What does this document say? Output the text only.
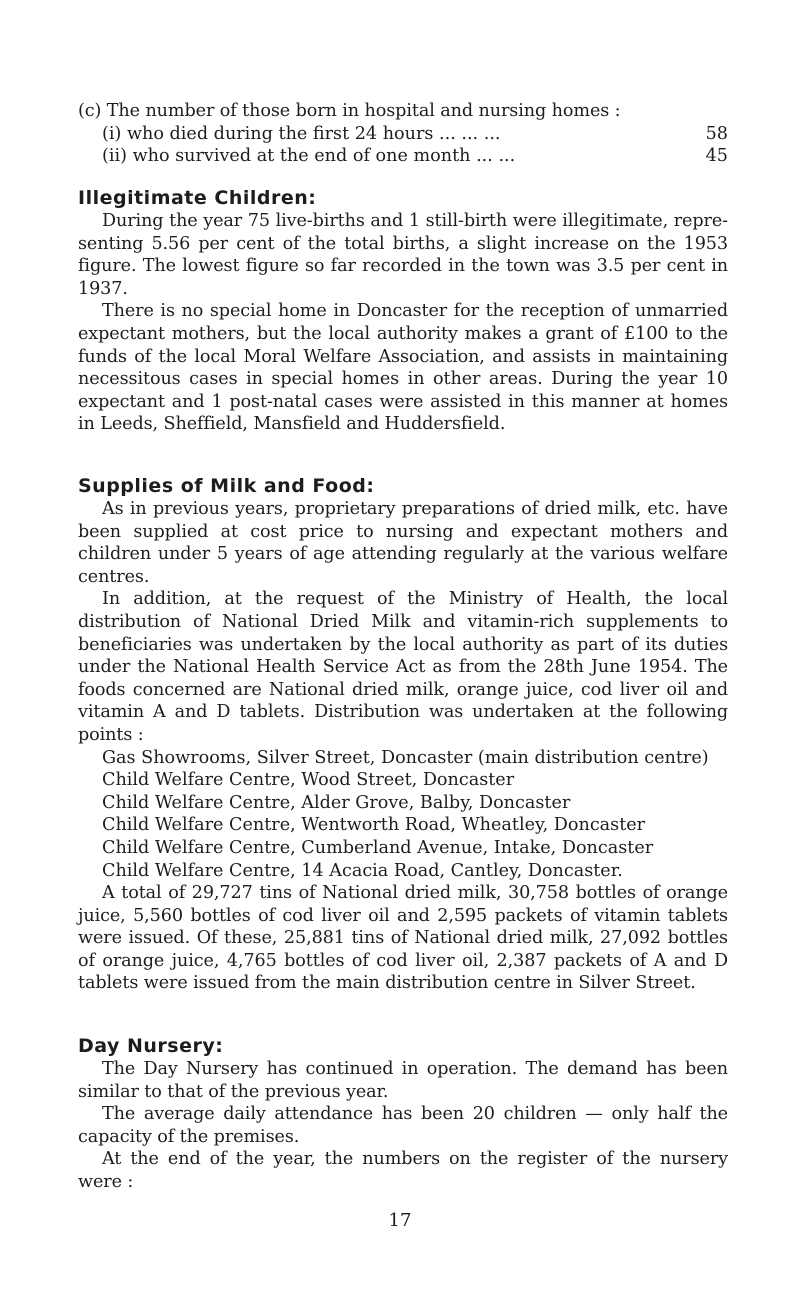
(c) The number of those born in hospital and nursing homes :

(i) who died during the first 24 hours ... ... ...	58
(ii) who survived at the end of one month ... ...	45
Illegitimate Children:

During the year 75 live-births and 1 still-birth were illegitimate, repre-senting 5.56 per cent of the total births, a slight increase on the 1953 figure. The lowest figure so far recorded in the town was 3.5 per cent in 1937.

There is no special home in Doncaster for the reception of unmarried expectant mothers, but the local authority makes a grant of £100 to the funds of the local Moral Welfare Association, and assists in maintaining necessitous cases in special homes in other areas. During the year 10 expectant and 1 post-natal cases were assisted in this manner at homes in Leeds, Sheffield, Mansfield and Huddersfield.

Supplies of Milk and Food:

As in previous years, proprietary preparations of dried milk, etc. have been supplied at cost price to nursing and expectant mothers and children under 5 years of age attending regularly at the various welfare centres.

In addition, at the request of the Ministry of Health, the local distribution of National Dried Milk and vitamin-rich supplements to beneficiaries was undertaken by the local authority as part of its duties under the National Health Service Act as from the 28th June 1954. The foods concerned are National dried milk, orange juice, cod liver oil and vitamin A and D tablets. Distribution was undertaken at the following points :

Gas Showrooms, Silver Street, Doncaster (main distribution centre)
Child Welfare Centre, Wood Street, Doncaster
Child Welfare Centre, Alder Grove, Balby, Doncaster
Child Welfare Centre, Wentworth Road, Wheatley, Doncaster
Child Welfare Centre, Cumberland Avenue, Intake, Doncaster
Child Welfare Centre, 14 Acacia Road, Cantley, Doncaster.

A total of 29,727 tins of National dried milk, 30,758 bottles of orange juice, 5,560 bottles of cod liver oil and 2,595 packets of vitamin tablets were issued. Of these, 25,881 tins of National dried milk, 27,092 bottles of orange juice, 4,765 bottles of cod liver oil, 2,387 packets of A and D tablets were issued from the main distribution centre in Silver Street.

Day Nursery:

The Day Nursery has continued in operation. The demand has been similar to that of the previous year.

The average daily attendance has been 20 children — only half the capacity of the premises.

At the end of the year, the numbers on the register of the nursery were :

17
